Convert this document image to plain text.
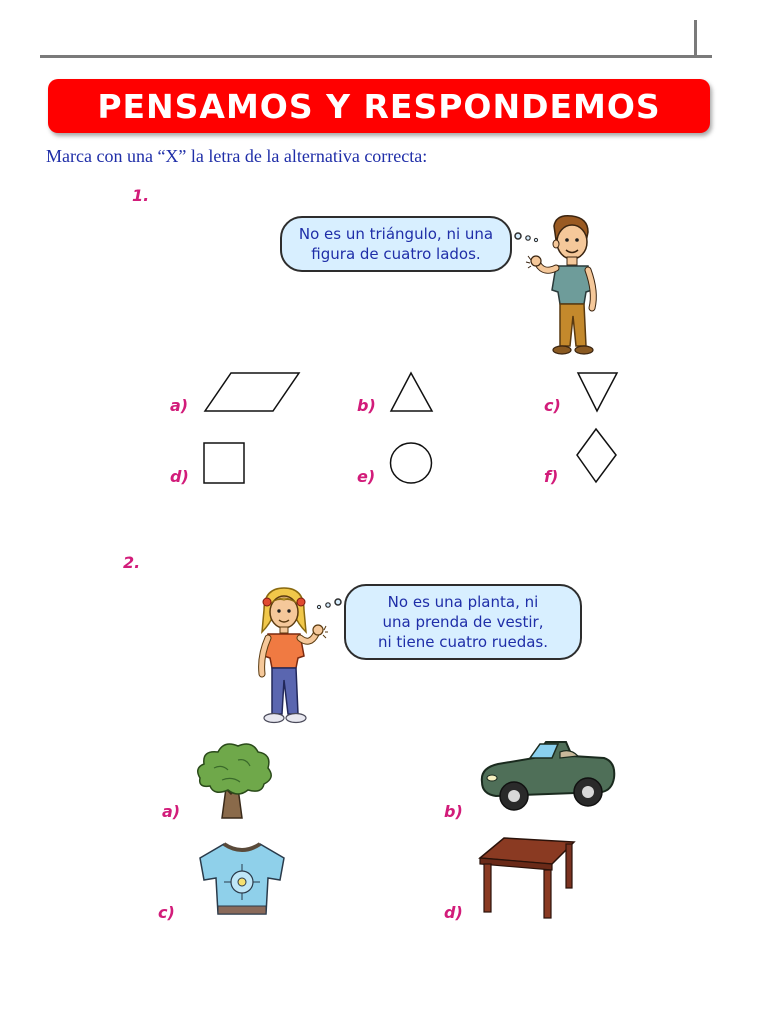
PENSAMOS Y RESPONDEMOS
Marca con una “X” la letra de la alternativa correcta:
1.
No es un triángulo, ni una
figura de cuatro lados.
a)	b)	c)
d)	e)	f)
2.
No es una planta, ni
una prenda de vestir,
ni tiene cuatro ruedas.
a)	b)
c)	d)
